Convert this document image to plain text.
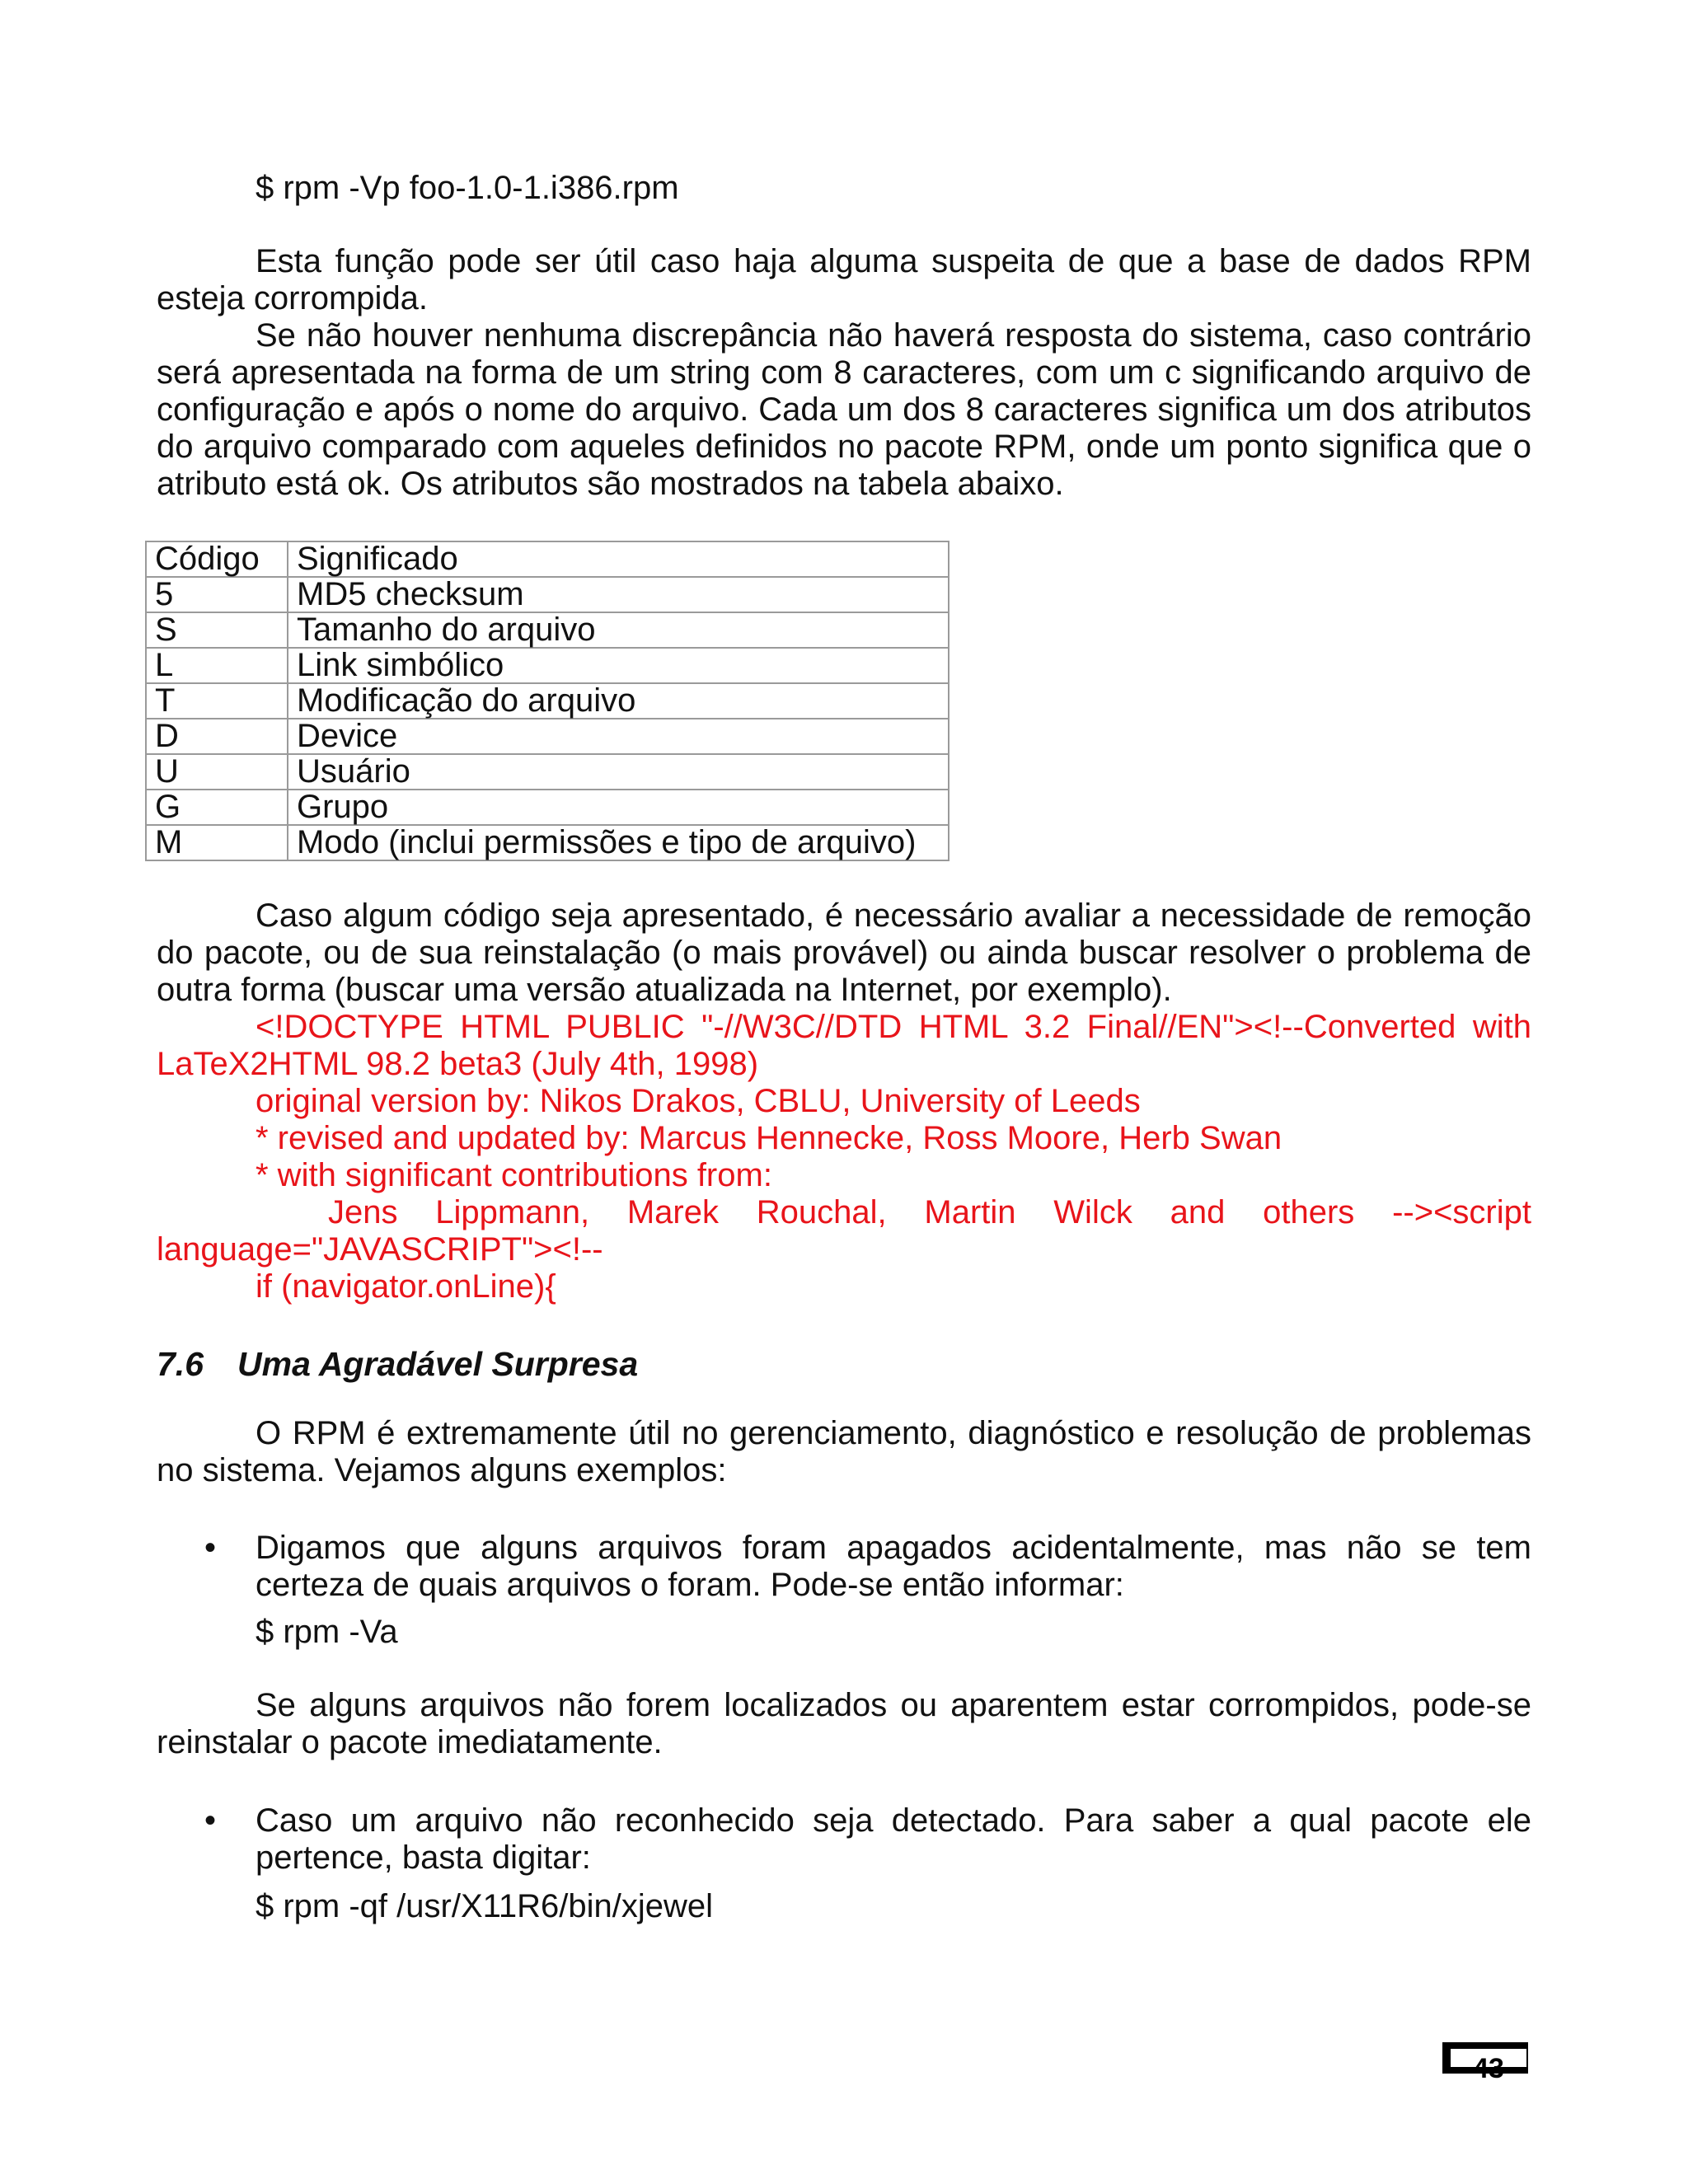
$ rpm -Vp foo-1.0-1.i386.rpm

Esta função pode ser útil caso haja alguma suspeita de que a base de dados RPM esteja corrompida.

Se não houver nenhuma discrepância não haverá resposta do sistema, caso contrário será apresentada na forma de um string com 8 caracteres, com um c significando arquivo de configuração e após o nome do arquivo. Cada um dos 8 caracteres significa um dos atributos do arquivo comparado com aqueles definidos no pacote RPM, onde um ponto significa que o atributo está ok. Os atributos são mostrados na tabela abaixo.

Código	Significado
5	MD5 checksum
S	Tamanho do arquivo
L	Link simbólico
T	Modificação do arquivo
D	Device
U	Usuário
G	Grupo
M	Modo (inclui permissões e tipo de arquivo)

Caso algum código seja apresentado, é necessário avaliar a necessidade de remoção do pacote, ou de sua reinstalação (o mais provável) ou ainda buscar resolver o problema de outra forma (buscar uma versão atualizada na Internet, por exemplo).

<!DOCTYPE HTML PUBLIC "-//W3C//DTD HTML 3.2 Final//EN"><!--Converted with LaTeX2HTML 98.2 beta3 (July 4th, 1998)

original version by: Nikos Drakos, CBLU, University of Leeds
* revised and updated by: Marcus Hennecke, Ross Moore, Herb Swan
* with significant contributions from:

Jens Lippmann, Marek Rouchal, Martin Wilck and others --><script language="JAVASCRIPT"><!--

if (navigator.onLine){
7.6 Uma Agradável Surpresa

O RPM é extremamente útil no gerenciamento, diagnóstico e resolução de problemas no sistema. Vejamos alguns exemplos:

• Digamos que alguns arquivos foram apagados acidentalmente, mas não se tem certeza de quais arquivos o foram. Pode-se então informar:
$ rpm -Va

Se alguns arquivos não forem localizados ou aparentem estar corrompidos, pode-se reinstalar o pacote imediatamente.

• Caso um arquivo não reconhecido seja detectado. Para saber a qual pacote ele pertence, basta digitar:
$ rpm -qf /usr/X11R6/bin/xjewel
43
